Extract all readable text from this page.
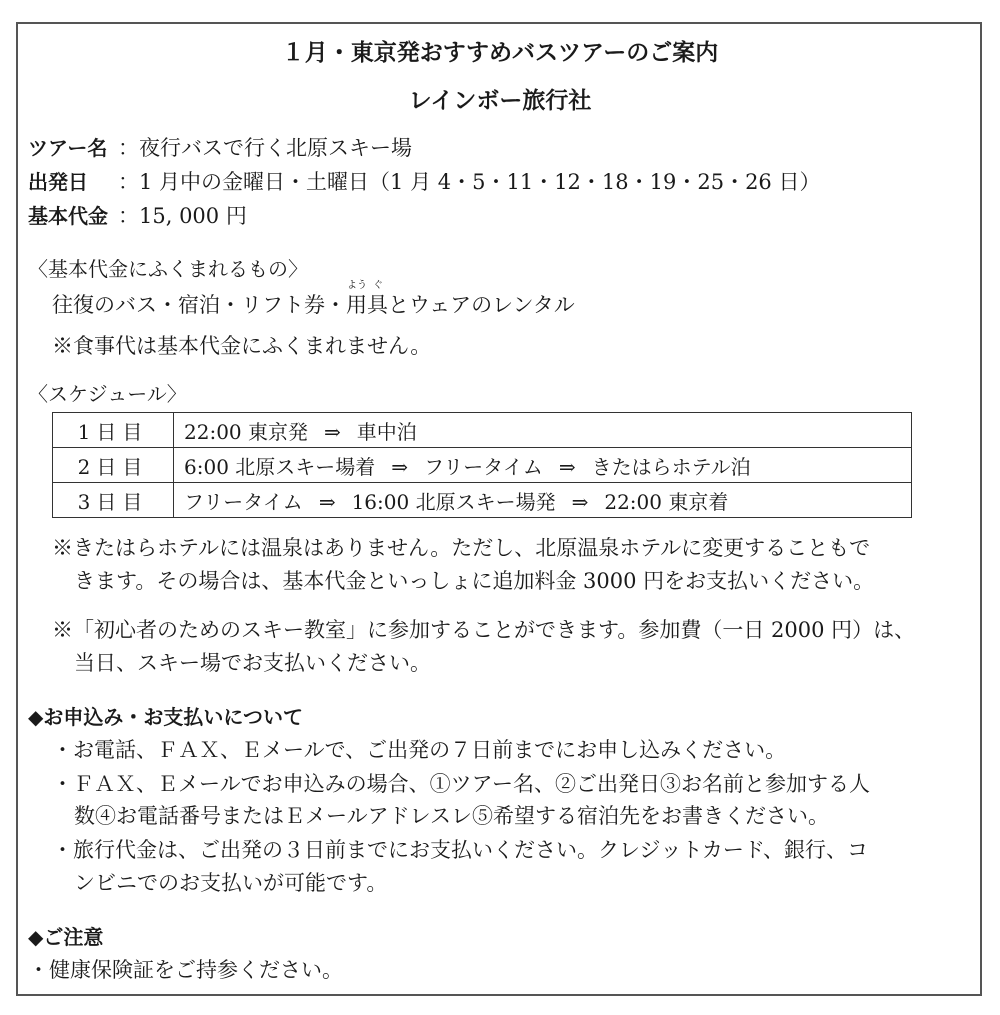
１月・東京発おすすめバスツアーのご案内
レインボー旅行社
ツアー名 ：夜行バスで行く北原スキー場
出発日 ：1 月中の金曜日・土曜日（1 月 4・5・11・12・18・19・25・26 日）
基本代金 ：15, 000 円
〈基本代金にふくまれるもの〉
往復のバス・宿泊・リフト券・
よう
用
ぐ
具とウェアのレンタル
※食事代は基本代金にふくまれません。
〈スケジュール〉
1日目	22:00 東京発 ⇒ 車中泊
2日目	6:00 北原スキー場着 ⇒ フリータイム ⇒ きたはらホテル泊
3日目	フリータイム ⇒ 16:00 北原スキー場発 ⇒ 22:00 東京着
※きたはらホテルには温泉はありません。ただし、北原温泉ホテルに変更することもで
きます。その場合は、基本代金といっしょに追加料金 3000 円をお支払いください。
※「初心者のためのスキー教室」に参加することができます。参加費（一日 2000 円）は、
当日、スキー場でお支払いください。
◆お申込み・お支払いについて
・お電話、ＦＡＸ、Ｅメールで、ご出発の７日前までにお申し込みください。
・ＦＡＸ、Ｅメールでお申込みの場合、①ツアー名、②ご出発日③お名前と参加する人
数④お電話番号またはＥメールアドレスレ⑤希望する宿泊先をお書きください。
・旅行代金は、ご出発の３日前までにお支払いください。クレジットカード、銀行、コ
ンビニでのお支払いが可能です。
◆ご注意
・健康保険証をご持参ください。
